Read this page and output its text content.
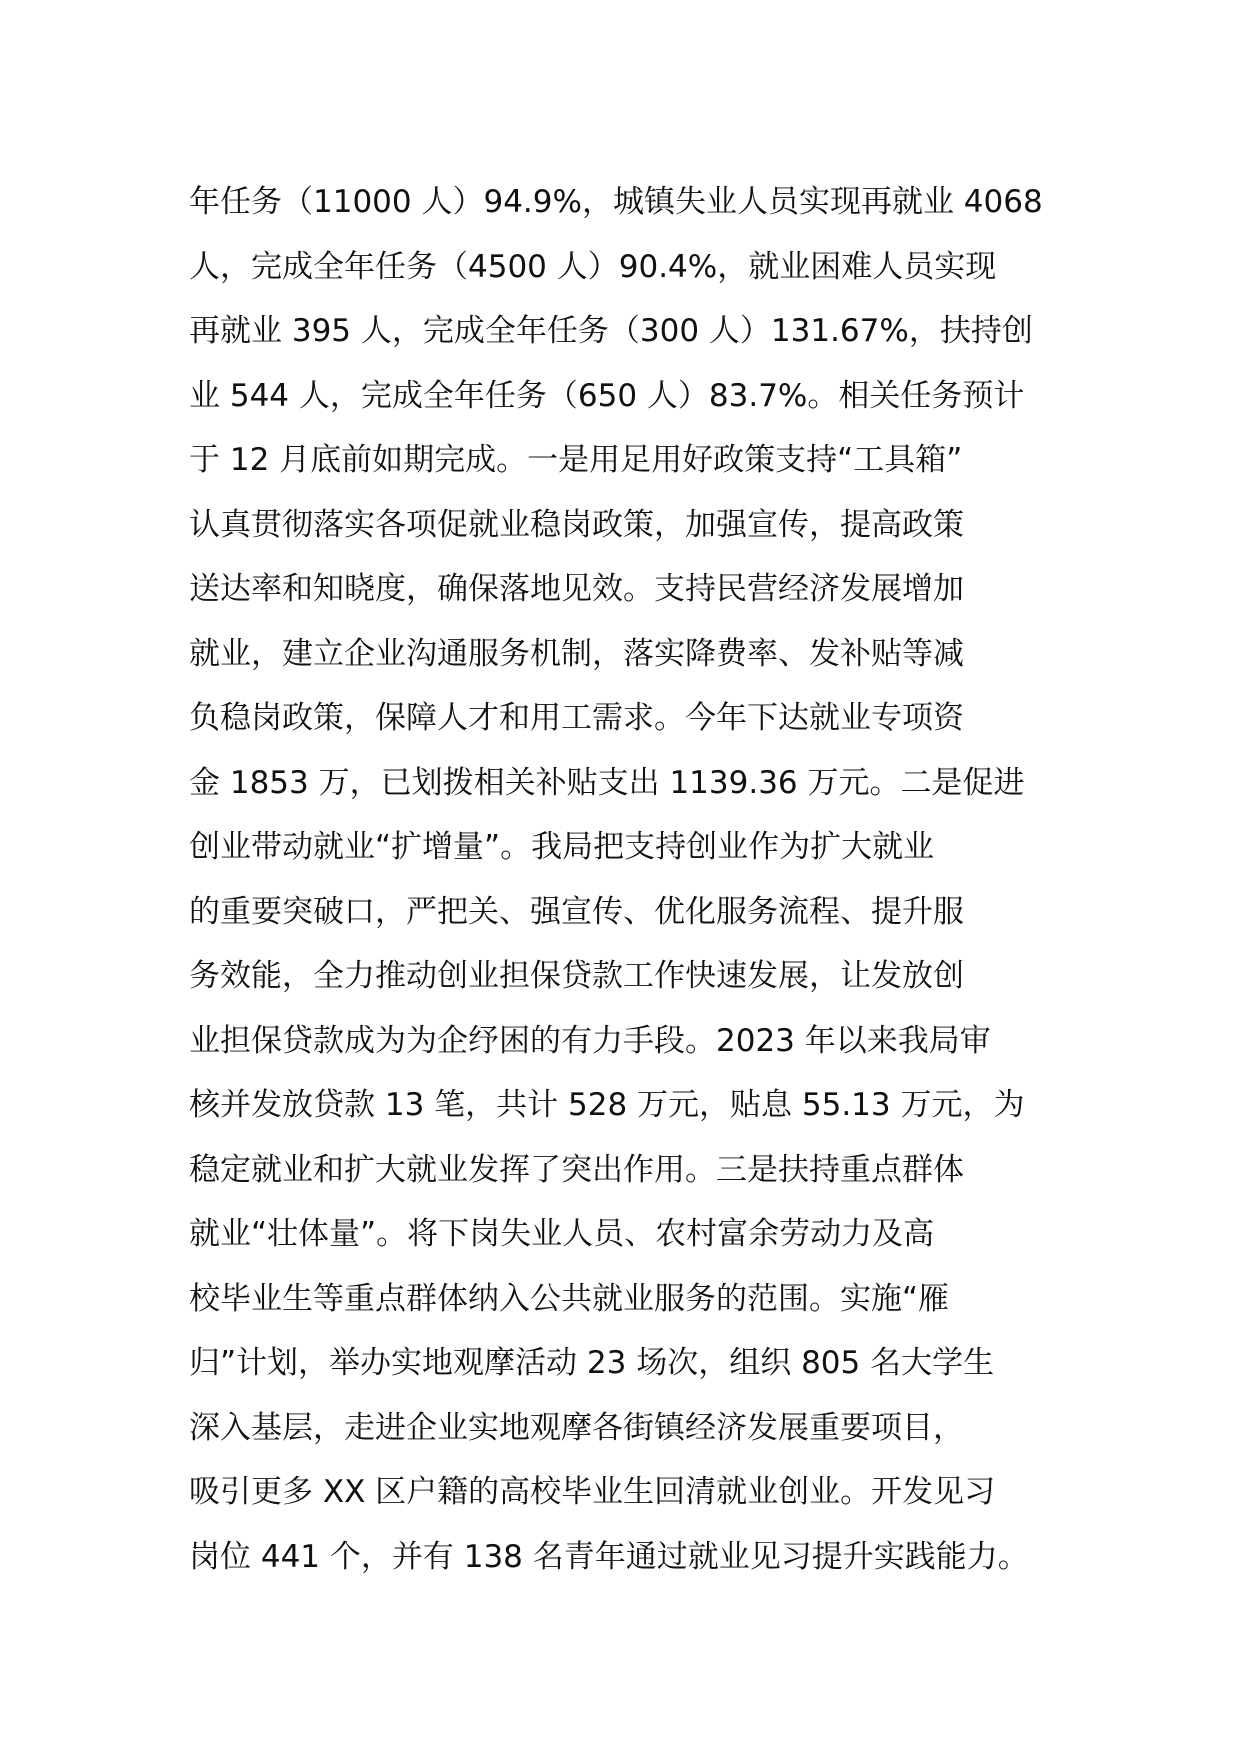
年任务（11000 人）94.9%，城镇失业人员实现再就业 4068
人，完成全年任务（4500 人）90.4%，就业困难人员实现
再就业 395 人，完成全年任务（300 人）131.67%，扶持创
业 544 人，完成全年任务（650 人）83.7%。相关任务预计
于 12 月底前如期完成。一是用足用好政策支持“工具箱”
认真贯彻落实各项促就业稳岗政策，加强宣传，提高政策
送达率和知晓度，确保落地见效。支持民营经济发展增加
就业，建立企业沟通服务机制，落实降费率、发补贴等减
负稳岗政策，保障人才和用工需求。今年下达就业专项资
金 1853 万，已划拨相关补贴支出 1139.36 万元。二是促进
创业带动就业“扩增量”。我局把支持创业作为扩大就业
的重要突破口，严把关、强宣传、优化服务流程、提升服
务效能，全力推动创业担保贷款工作快速发展，让发放创
业担保贷款成为为企纾困的有力手段。2023 年以来我局审
核并发放贷款 13 笔，共计 528 万元，贴息 55.13 万元，为
稳定就业和扩大就业发挥了突出作用。三是扶持重点群体
就业“壮体量”。将下岗失业人员、农村富余劳动力及高
校毕业生等重点群体纳入公共就业服务的范围。实施“雁
归”计划，举办实地观摩活动 23 场次，组织 805 名大学生
深入基层，走进企业实地观摩各街镇经济发展重要项目，
吸引更多 XX 区户籍的高校毕业生回清就业创业。开发见习
岗位 441 个，并有 138 名青年通过就业见习提升实践能力。
